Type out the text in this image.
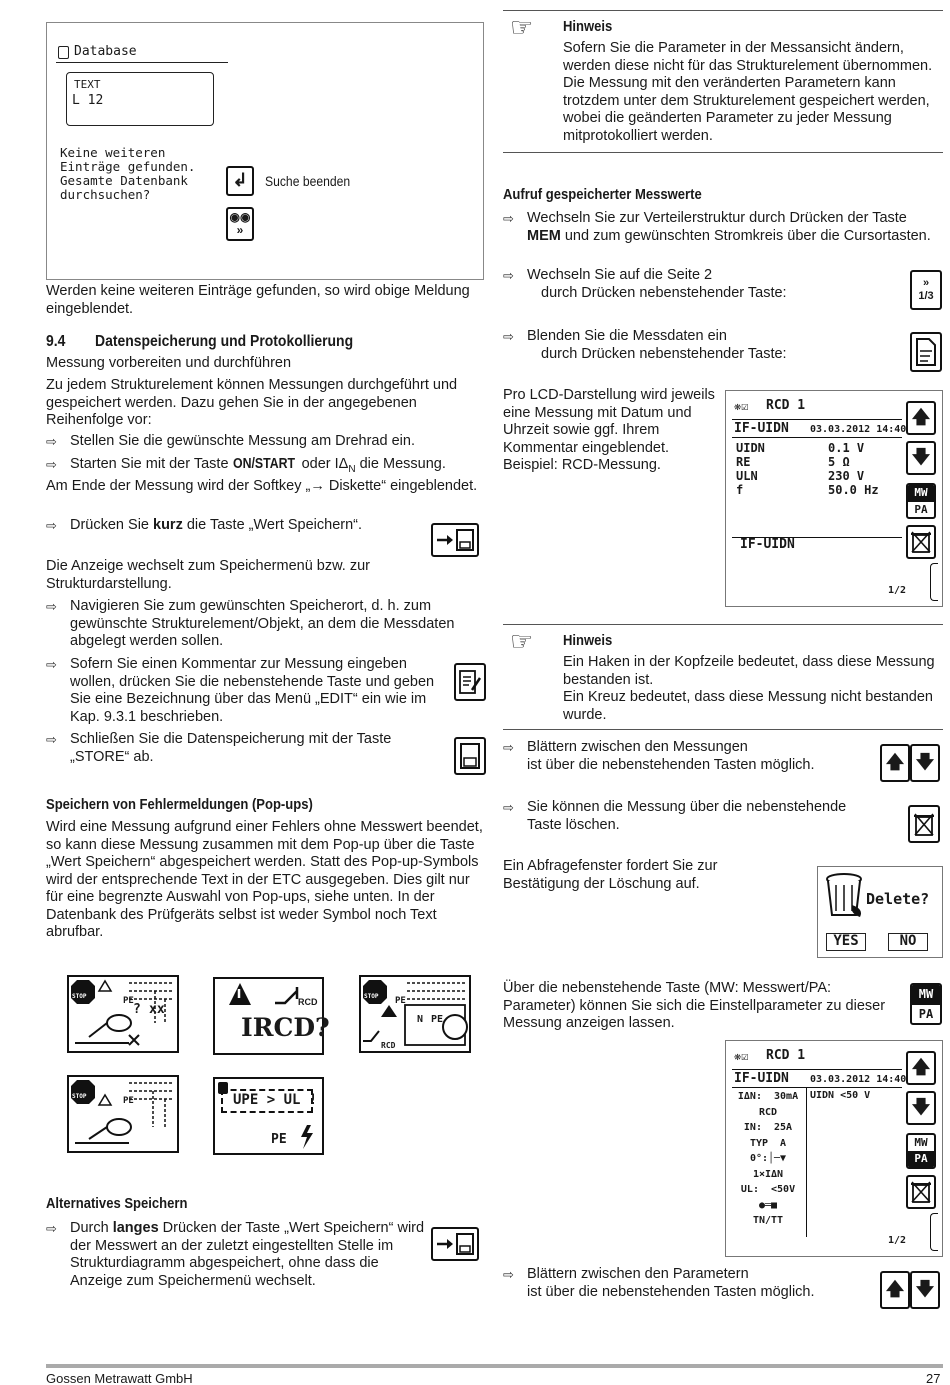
Database
TEXT
L 12
Keine weiteren
Einträge gefunden.
Gesamte Datenbank
durchsuchen?
↲	Suche beenden
◉◉
»
Werden keine weiteren Einträge gefunden, so wird obige Meldung eingeblendet.
9.4 Datenspeicherung und Protokollierung
Messung vorbereiten und durchführen
Zu jedem Strukturelement können Messungen durchgeführt und gespeichert werden. Dazu gehen Sie in der angegebenen Reihenfolge vor:
⇨ Stellen Sie die gewünschte Messung am Drehrad ein.
⇨ Starten Sie mit der Taste ON/START oder $I\Delta_N$ die Messung.
Am Ende der Messung wird der Softkey „→ Diskette“ eingeblendet.
⇨ Drücken Sie kurz die Taste „Wert Speichern“.
Die Anzeige wechselt zum Speichermenü bzw. zur Strukturdarstellung.
⇨ Navigieren Sie zum gewünschten Speicherort, d. h. zum gewünschte Strukturelement/Objekt, an dem die Messdaten abgelegt werden sollen.
⇨ Sofern Sie einen Kommentar zur Messung eingeben wollen, drücken Sie die nebenstehende Taste und geben Sie eine Bezeichnung über das Menü „EDIT“ ein wie im Kap. 9.3.1 beschrieben.
⇨ Schließen Sie die Datenspeicherung mit der Taste „STORE“ ab.
Speichern von Fehlermeldungen (Pop-ups)
Wird eine Messung aufgrund einer Fehlers ohne Messwert beendet, so kann diese Messung zusammen mit dem Pop-up über die Taste „Wert Speichern“ abgespeichert werden. Statt des Pop-up-Symbols wird der entsprechende Text in der ETC ausgegeben. Dies gilt nur für eine begrenzte Auswahl von Pop-ups, siehe unten. In der Datenbank des Prüfgeräts selbst ist weder Symbol noch Text abrufbar.
STOP	PE
? xx	RCD
IRCD?
STOP PE
N PE
RCD
STOP	PE	UPE > UL !
PE
Alternatives Speichern
⇨ Durch langes Drücken der Taste „Wert Speichern“ wird der Messwert an der zuletzt eingestellten Stelle im Strukturdiagramm abgespeichert, ohne dass die Anzeige zum Speichermenü wechselt.
☞ Hinweis
Sofern Sie die Parameter in der Messansicht ändern, werden diese nicht für das Strukturelement übernommen. Die Messung mit den veränderten Parametern kann trotzdem unter dem Strukturelement gespeichert werden, wobei die geänderten Parameter zu jeder Messung mitprotokolliert werden.
Aufruf gespeicherter Messwerte
⇨ Wechseln Sie zur Verteilerstruktur durch Drücken der Taste MEM und zum gewünschten Stromkreis über die Cursortasten.
⇨ Wechseln Sie auf die Seite 2
durch Drücken nebenstehender Taste:
»
1/3
⇨ Blenden Sie die Messdaten ein
durch Drücken nebenstehender Taste:
Pro LCD-Darstellung wird jeweils eine Messung mit Datum und Uhrzeit sowie ggf. Ihrem Kommentar eingeblendet. Beispiel: RCD-Messung.
❋☑ RCD 1
IF-UIDN 03.03.2012 14:40
UIDN	0.1 V
RE	5 Ω
ULN	230 V
f	50.0 Hz
IF-UIDN
1/2
🡅
🡇
MW
PA
☞ Hinweis
Ein Haken in der Kopfzeile bedeutet, dass diese Messung bestanden ist.
Ein Kreuz bedeutet, dass diese Messung nicht bestanden wurde.
⇨ Blättern zwischen den Messungen
ist über die nebenstehenden Tasten möglich.	🡅 🡇
⇨ Sie können die Messung über die nebenstehende
Taste löschen.
Ein Abfragefenster fordert Sie zur Bestätigung der Löschung auf.
Delete?
YES	NO
Über die nebenstehende Taste (MW: Messwert/PA: Parameter) können Sie sich die Einstellparameter zu dieser Messung anzeigen lassen.
MW
PA
❋☑ RCD 1
IF-UIDN 03.03.2012 14:40
UIDN <50 V
IΔN:  30mA
RCD
IN:  25A
TYP  A
0°:│─▼
1×IΔN
UL:  <50V
●═■
TN/TT
1/2
🡅
🡇
MW
PA
⇨ Blättern zwischen den Parametern
ist über die nebenstehenden Tasten möglich.	🡅 🡇
Gossen Metrawatt GmbH	27
